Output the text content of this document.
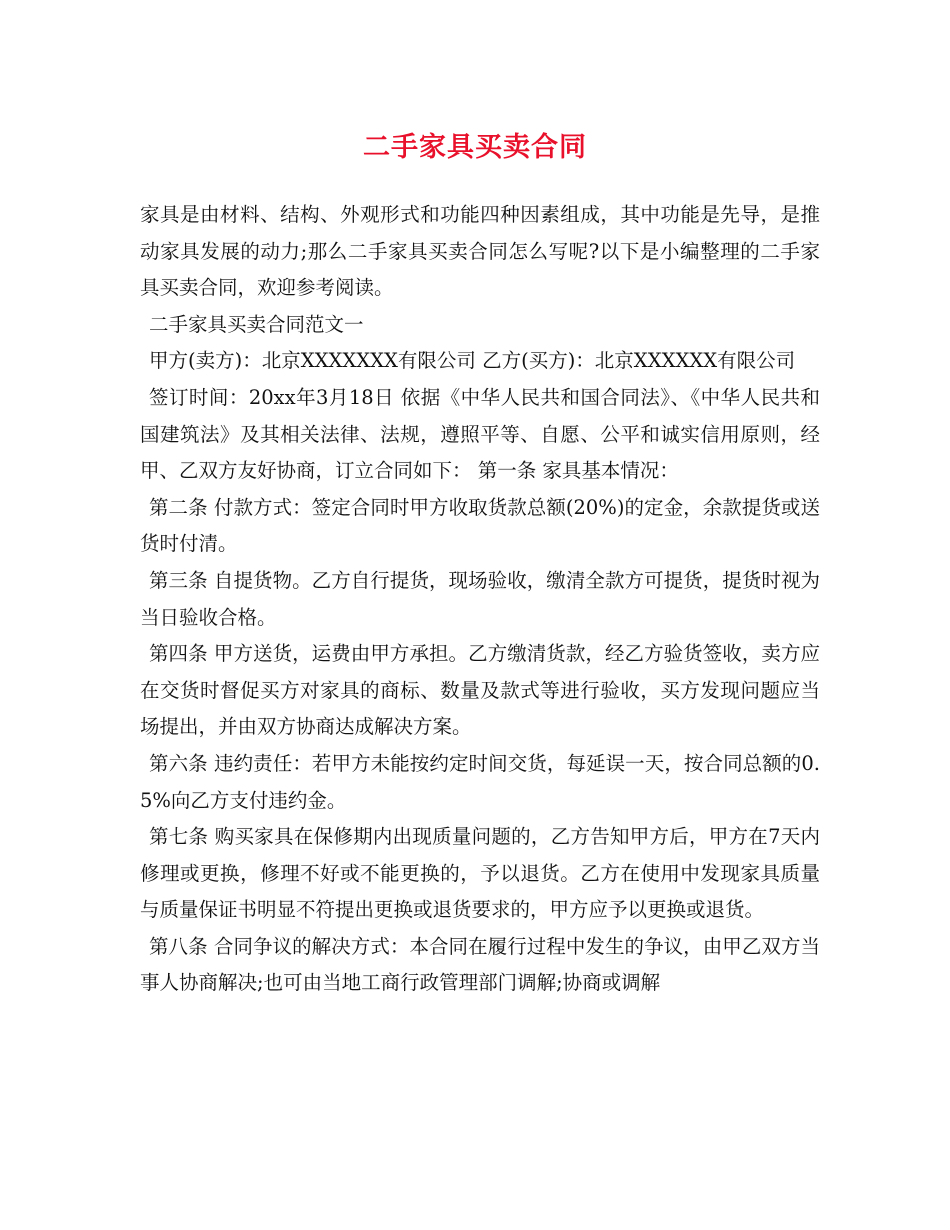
二手家具买卖合同

家具是由材料、结构、外观形式和功能四种因素组成，其中功能是先导，是推动家具发展的动力;那么二手家具买卖合同怎么写呢?以下是小编整理的二手家具买卖合同，欢迎参考阅读。

二手家具买卖合同范文一

甲方(卖方)：北京XXXXXXX有限公司 乙方(买方)：北京XXXXXX有限公司

签订时间：20xx年3月18日 依据《中华人民共和国合同法》、《中华人民共和国建筑法》及其相关法律、法规，遵照平等、自愿、公平和诚实信用原则，经甲、乙双方友好协商，订立合同如下： 第一条 家具基本情况：

第二条 付款方式：签定合同时甲方收取货款总额(20%)的定金，余款提货或送货时付清。

第三条 自提货物。乙方自行提货，现场验收，缴清全款方可提货，提货时视为当日验收合格。

第四条 甲方送货，运费由甲方承担。乙方缴清货款，经乙方验货签收，卖方应在交货时督促买方对家具的商标、数量及款式等进行验收，买方发现问题应当场提出，并由双方协商达成解决方案。

第六条 违约责任：若甲方未能按约定时间交货，每延误一天，按合同总额的0.5%向乙方支付违约金。

第七条 购买家具在保修期内出现质量问题的，乙方告知甲方后，甲方在7天内修理或更换，修理不好或不能更换的，予以退货。乙方在使用中发现家具质量与质量保证书明显不符提出更换或退货要求的，甲方应予以更换或退货。

第八条 合同争议的解决方式：本合同在履行过程中发生的争议，由甲乙双方当事人协商解决;也可由当地工商行政管理部门调解;协商或调解
